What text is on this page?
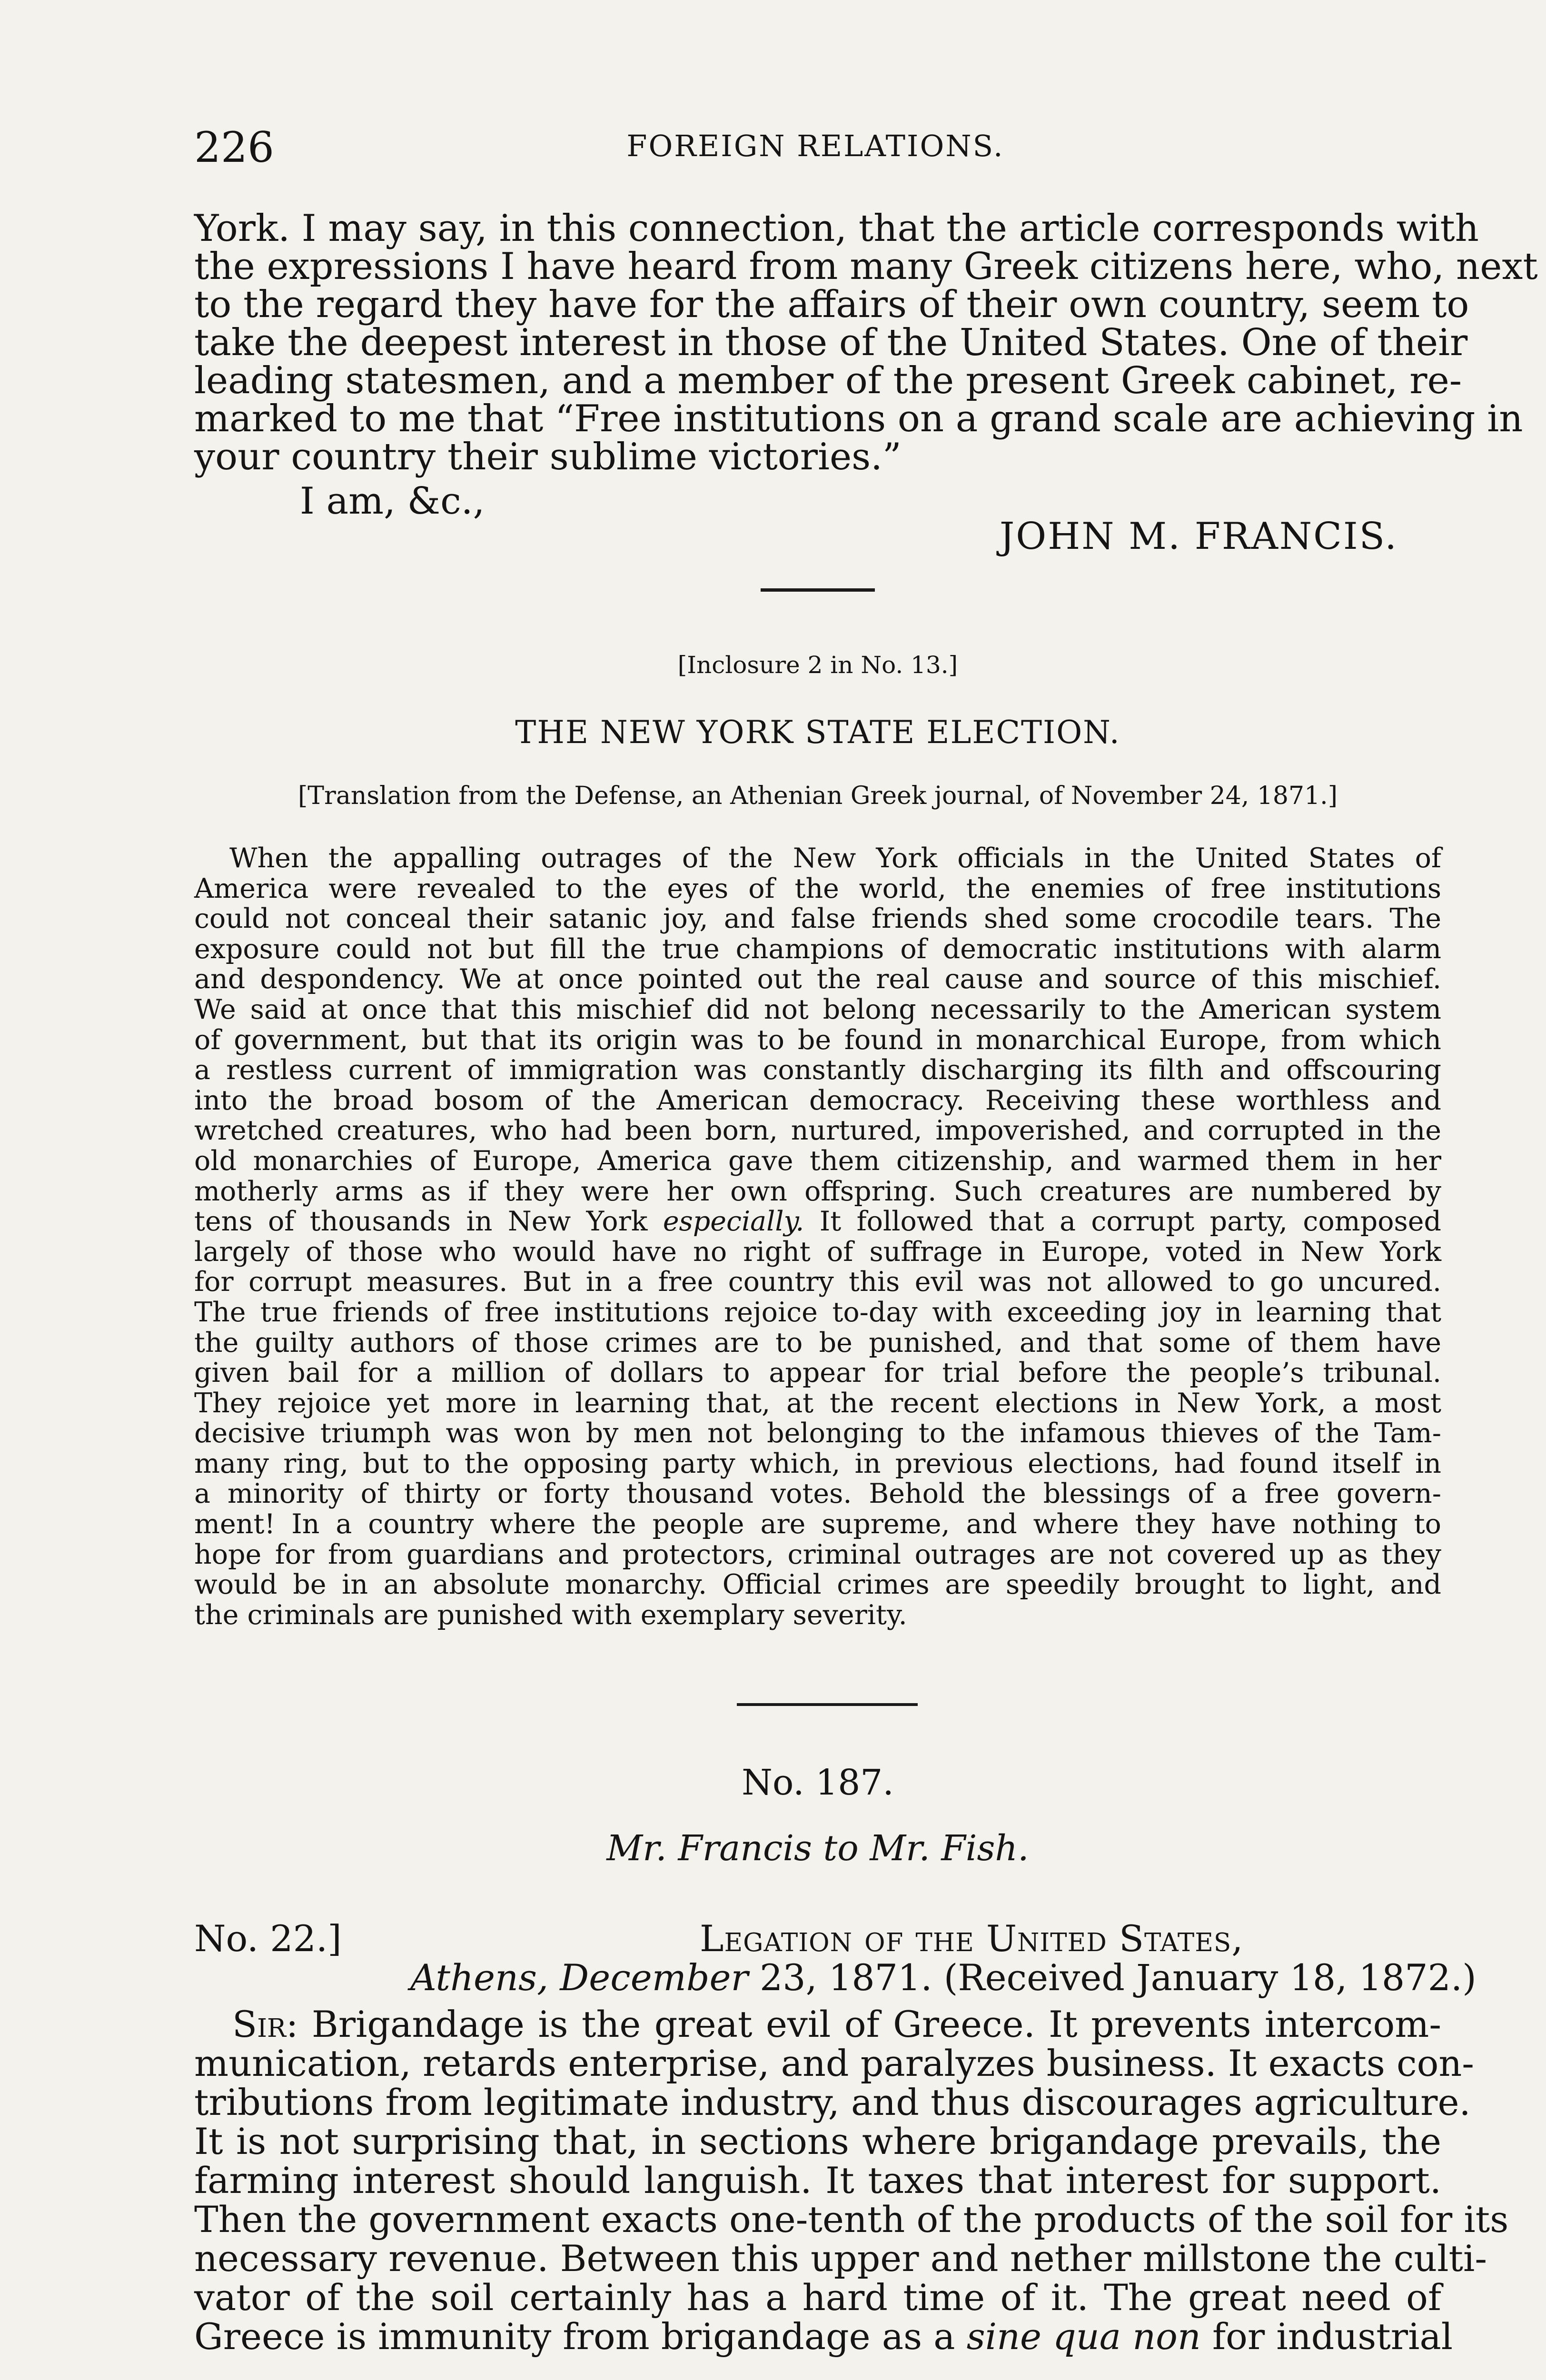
226	FOREIGN RELATIONS.
York. I may say, in this connection, that the article corresponds with
the expressions I have heard from many Greek citizens here, who, next
to the regard they have for the affairs of their own country, seem to
take the deepest interest in those of the United States. One of their
leading statesmen, and a member of the present Greek cabinet, re-
marked to me that “Free institutions on a grand scale are achieving in
your country their sublime victories.”
I am, &c.,
JOHN M. FRANCIS.
[Inclosure 2 in No. 13.]
THE NEW YORK STATE ELECTION.
[Translation from the Defense, an Athenian Greek journal, of November 24, 1871.]
When the appalling outrages of the New York officials in the United States of
America were revealed to the eyes of the world, the enemies of free institutions
could not conceal their satanic joy, and false friends shed some crocodile tears. The
exposure could not but fill the true champions of democratic institutions with alarm
and despondency. We at once pointed out the real cause and source of this mischief.
We said at once that this mischief did not belong necessarily to the American system
of government, but that its origin was to be found in monarchical Europe, from which
a restless current of immigration was constantly discharging its filth and offscouring
into the broad bosom of the American democracy. Receiving these worthless and
wretched creatures, who had been born, nurtured, impoverished, and corrupted in the
old monarchies of Europe, America gave them citizenship, and warmed them in her
motherly arms as if they were her own offspring. Such creatures are numbered by
tens of thousands in New York especially. It followed that a corrupt party, composed
largely of those who would have no right of suffrage in Europe, voted in New York
for corrupt measures. But in a free country this evil was not allowed to go uncured.
The true friends of free institutions rejoice to-day with exceeding joy in learning that
the guilty authors of those crimes are to be punished, and that some of them have
given bail for a million of dollars to appear for trial before the people’s tribunal.
They rejoice yet more in learning that, at the recent elections in New York, a most
decisive triumph was won by men not belonging to the infamous thieves of the Tam-
many ring, but to the opposing party which, in previous elections, had found itself in
a minority of thirty or forty thousand votes. Behold the blessings of a free govern-
ment! In a country where the people are supreme, and where they have nothing to
hope for from guardians and protectors, criminal outrages are not covered up as they
would be in an absolute monarchy. Official crimes are speedily brought to light, and
the criminals are punished with exemplary severity.
No. 187.
Mr. Francis to Mr. Fish.
No. 22.]	Legation of the United States,
Athens, December 23, 1871. (Received January 18, 1872.)
Sir: Brigandage is the great evil of Greece. It prevents intercom-
munication, retards enterprise, and paralyzes business. It exacts con-
tributions from legitimate industry, and thus discourages agriculture.
It is not surprising that, in sections where brigandage prevails, the
farming interest should languish. It taxes that interest for support.
Then the government exacts one-tenth of the products of the soil for its
necessary revenue. Between this upper and nether millstone the culti-
vator of the soil certainly has a hard time of it. The great need of
Greece is immunity from brigandage as a sine qua non for industrial
